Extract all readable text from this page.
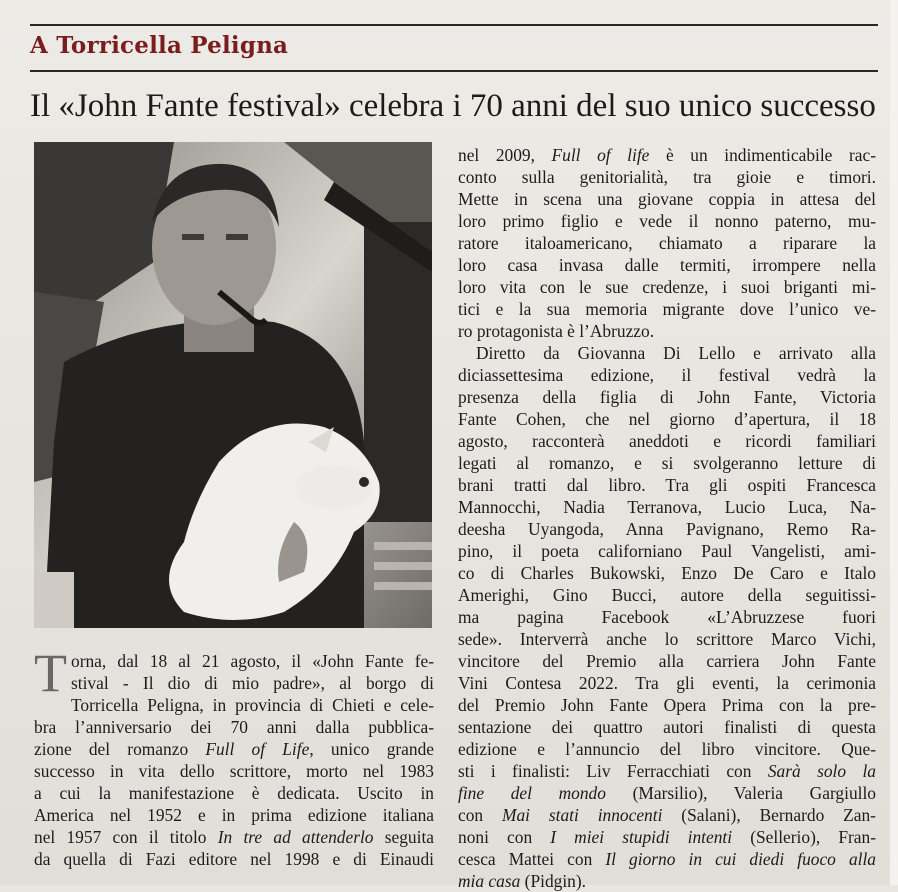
A Torricella Peligna
Il «John Fante festival» celebra i 70 anni del suo unico successo
nel 2009, Full of life è un indimenticabile rac-
conto sulla genitorialità, tra gioie e timori.
Mette in scena una giovane coppia in attesa del
loro primo figlio e vede il nonno paterno, mu-
ratore italoamericano, chiamato a riparare la
loro casa invasa dalle termiti, irrompere nella
loro vita con le sue credenze, i suoi briganti mi-
tici e la sua memoria migrante dove l’unico ve-
ro protagonista è l’Abruzzo.
Diretto da Giovanna Di Lello e arrivato alla
diciassettesima edizione, il festival vedrà la
presenza della figlia di John Fante, Victoria
Fante Cohen, che nel giorno d’apertura, il 18
agosto, racconterà aneddoti e ricordi familiari
legati al romanzo, e si svolgeranno letture di
brani tratti dal libro. Tra gli ospiti Francesca
Mannocchi, Nadia Terranova, Lucio Luca, Na-
deesha Uyangoda, Anna Pavignano, Remo Ra-
pino, il poeta californiano Paul Vangelisti, ami-
co di Charles Bukowski, Enzo De Caro e Italo
Amerighi, Gino Bucci, autore della seguitissi-
ma pagina Facebook «L’Abruzzese fuori
sede». Interverrà anche lo scrittore Marco Vichi,
vincitore del Premio alla carriera John Fante
Vini Contesa 2022. Tra gli eventi, la cerimonia
del Premio John Fante Opera Prima con la pre-
sentazione dei quattro autori finalisti di questa
edizione e l’annuncio del libro vincitore. Que-
sti i finalisti: Liv Ferracchiati con Sarà solo la
fine del mondo (Marsilio), Valeria Gargiullo
con Mai stati innocenti (Salani), Bernardo Zan-
noni con I miei stupidi intenti (Sellerio), Fran-
cesca Mattei con Il giorno in cui diedi fuoco alla
mia casa (Pidgin).
T orna, dal 18 al 21 agosto, il «John Fante fe-
stival - Il dio di mio padre», al borgo di
Torricella Peligna, in provincia di Chieti e cele-
bra l’anniversario dei 70 anni dalla pubblica-
zione del romanzo Full of Life, unico grande
successo in vita dello scrittore, morto nel 1983
a cui la manifestazione è dedicata. Uscito in
America nel 1952 e in prima edizione italiana
nel 1957 con il titolo In tre ad attenderlo seguita
da quella di Fazi editore nel 1998 e di Einaudi
